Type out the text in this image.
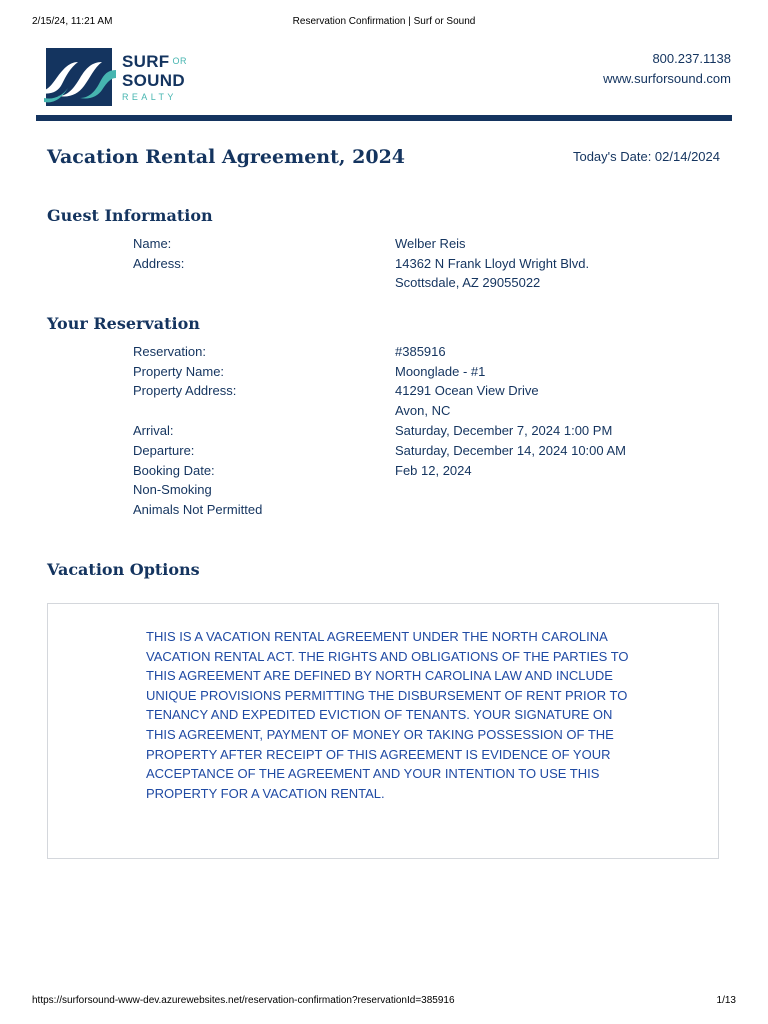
2/15/24, 11:21 AM	Reservation Confirmation | Surf or Sound
SURF OR
SOUND
REALTY
800.237.1138
www.surforsound.com
Vacation Rental Agreement, 2024	Today's Date: 02/14/2024
Guest Information
Name:	Welber Reis
Address:	14362 N Frank Lloyd Wright Blvd.
Scottsdale, AZ 29055022
Your Reservation
Reservation:	#385916
Property Name:	Moonglade - #1
Property Address:	41291 Ocean View Drive
Avon, NC
Arrival:	Saturday, December 7, 2024 1:00 PM
Departure:	Saturday, December 14, 2024 10:00 AM
Booking Date:	Feb 12, 2024
Non-Smoking
Animals Not Permitted
Vacation Options

THIS IS A VACATION RENTAL AGREEMENT UNDER THE NORTH CAROLINA VACATION RENTAL ACT. THE RIGHTS AND OBLIGATIONS OF THE PARTIES TO THIS AGREEMENT ARE DEFINED BY NORTH CAROLINA LAW AND INCLUDE UNIQUE PROVISIONS PERMITTING THE DISBURSEMENT OF RENT PRIOR TO TENANCY AND EXPEDITED EVICTION OF TENANTS. YOUR SIGNATURE ON THIS AGREEMENT, PAYMENT OF MONEY OR TAKING POSSESSION OF THE PROPERTY AFTER RECEIPT OF THIS AGREEMENT IS EVIDENCE OF YOUR ACCEPTANCE OF THE AGREEMENT AND YOUR INTENTION TO USE THIS PROPERTY FOR A VACATION RENTAL.

https://surforsound-www-dev.azurewebsites.net/reservation-confirmation?reservationId=385916	1/13
